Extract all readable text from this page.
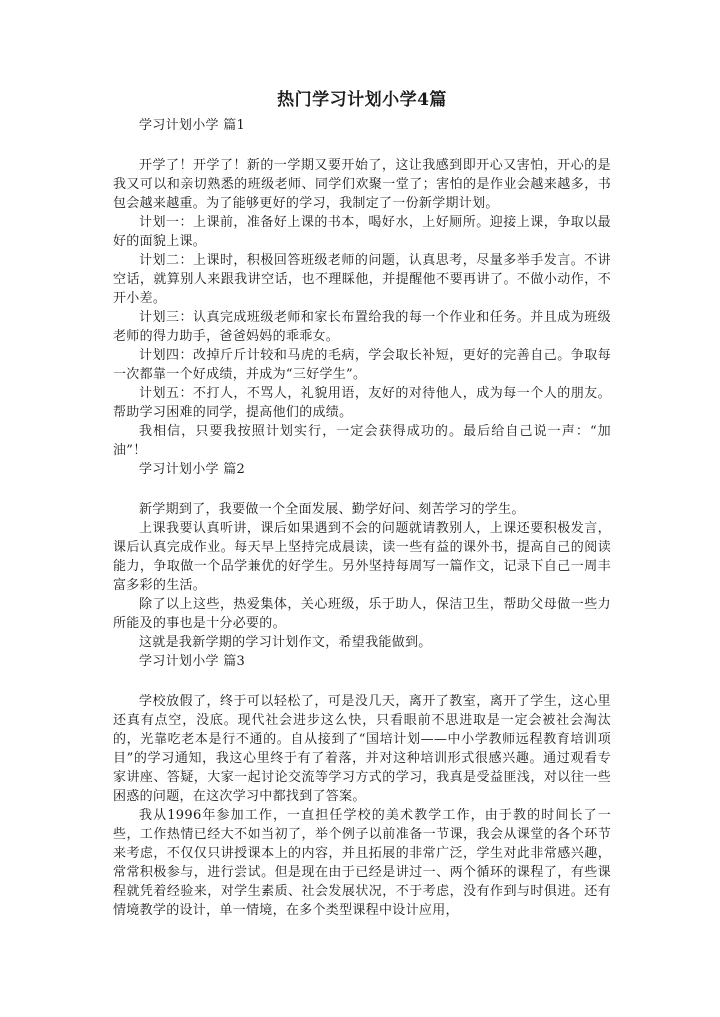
热门学习计划小学4篇

学习计划小学 篇1

开学了！开学了！新的一学期又要开始了，这让我感到即开心又害怕，开心的是我又可以和亲切熟悉的班级老师、同学们欢聚一堂了；害怕的是作业会越来越多，书包会越来越重。为了能够更好的学习，我制定了一份新学期计划。

计划一：上课前，准备好上课的书本，喝好水，上好厕所。迎接上课，争取以最好的面貌上课。

计划二：上课时，积极回答班级老师的问题，认真思考，尽量多举手发言。不讲空话，就算别人来跟我讲空话，也不理睬他，并提醒他不要再讲了。不做小动作，不开小差。

计划三：认真完成班级老师和家长布置给我的每一个作业和任务。并且成为班级老师的得力助手，爸爸妈妈的乖乖女。

计划四：改掉斤斤计较和马虎的毛病，学会取长补短，更好的完善自己。争取每一次都靠一个好成绩，并成为“三好学生”。

计划五：不打人，不骂人，礼貌用语，友好的对待他人，成为每一个人的朋友。帮助学习困难的同学，提高他们的成绩。

我相信，只要我按照计划实行，一定会获得成功的。最后给自己说一声：“加油”！

学习计划小学 篇2

新学期到了，我要做一个全面发展、勤学好问、刻苦学习的学生。

上课我要认真听讲，课后如果遇到不会的问题就请教别人，上课还要积极发言，课后认真完成作业。每天早上坚持完成晨读，读一些有益的课外书，提高自己的阅读能力，争取做一个品学兼优的好学生。另外坚持每周写一篇作文，记录下自己一周丰富多彩的生活。

除了以上这些，热爱集体，关心班级，乐于助人，保洁卫生，帮助父母做一些力所能及的事也是十分必要的。

这就是我新学期的学习计划作文，希望我能做到。

学习计划小学 篇3

学校放假了，终于可以轻松了，可是没几天，离开了教室，离开了学生，这心里还真有点空，没底。现代社会进步这么快，只看眼前不思进取是一定会被社会淘汰的，光靠吃老本是行不通的。自从接到了“国培计划——中小学教师远程教育培训项目”的学习通知，我这心里终于有了着落，并对这种培训形式很感兴趣。通过观看专家讲座、答疑，大家一起讨论交流等学习方式的学习，我真是受益匪浅，对以往一些困惑的问题，在这次学习中都找到了答案。

我从1996年参加工作，一直担任学校的美术教学工作，由于教的时间长了一些，工作热情已经大不如当初了，举个例子以前准备一节课，我会从课堂的各个环节来考虑，不仅仅只讲授课本上的内容，并且拓展的非常广泛，学生对此非常感兴趣，常常积极参与，进行尝试。但是现在由于已经是讲过一、两个循环的课程了，有些课程就凭着经验来，对学生素质、社会发展状况，不于考虑，没有作到与时俱进。还有情境教学的设计，单一情境，在多个类型课程中设计应用，
